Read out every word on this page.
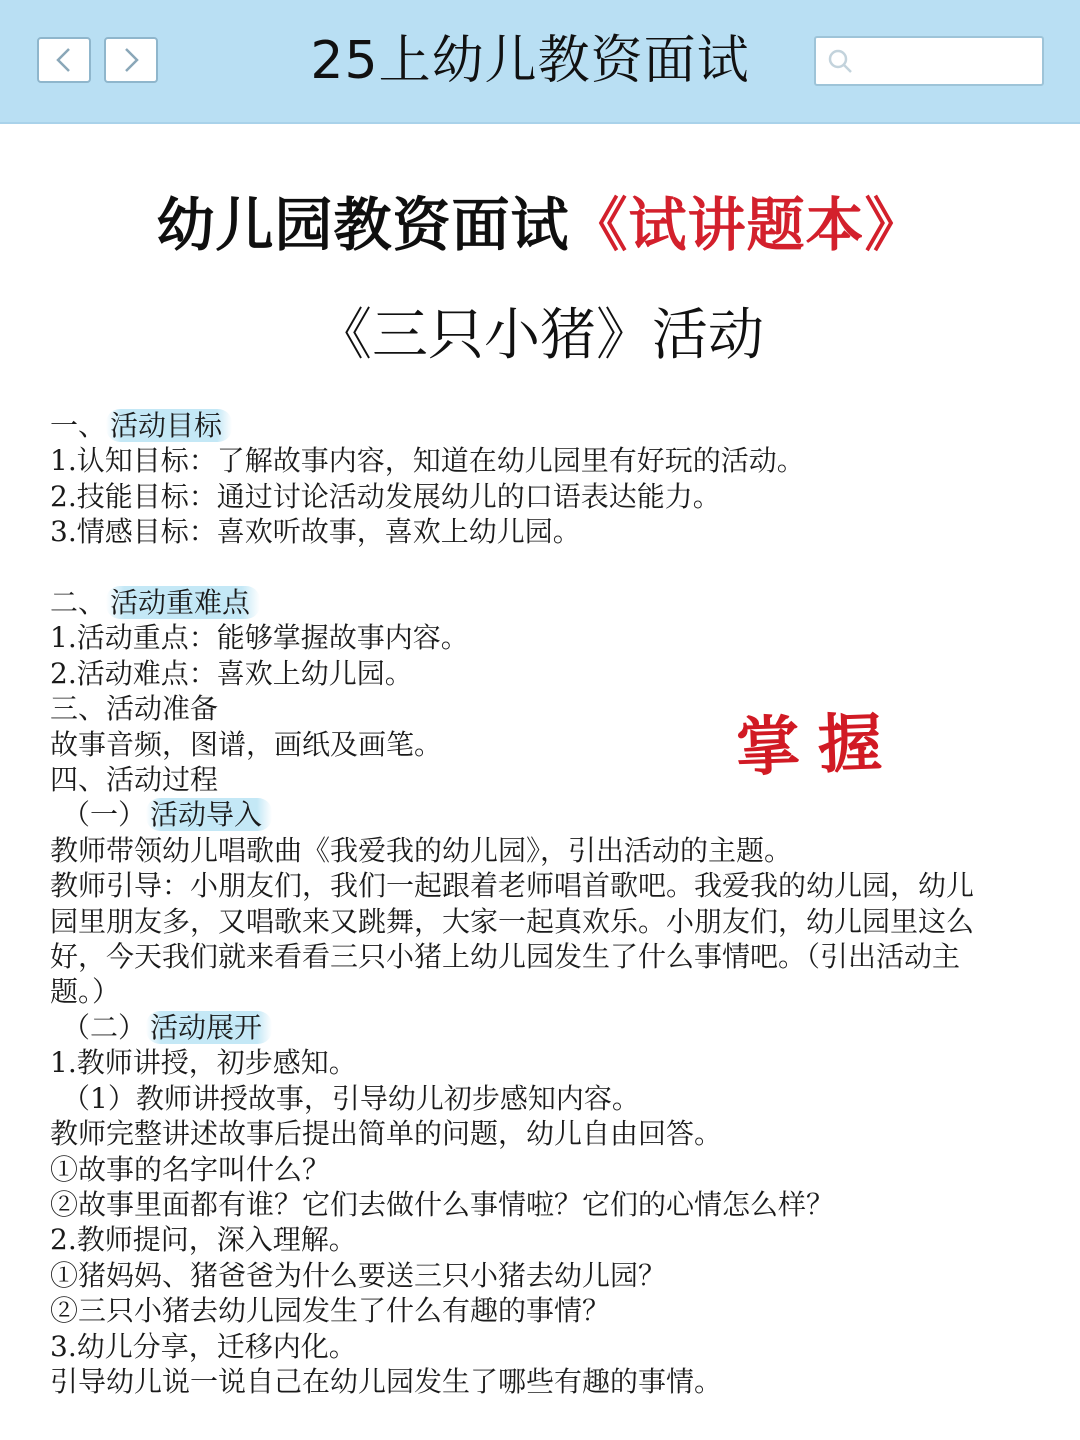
25上幼儿教资面试
幼儿园教资面试《试讲题本》
《三只小猪》活动
掌握
一、 活动目标
1.认知目标：了解故事内容，知道在幼儿园里有好玩的活动。
2.技能目标：通过讨论活动发展幼儿的口语表达能力。
3.情感目标：喜欢听故事，喜欢上幼儿园。
二、 活动重难点
1.活动重点：能够掌握故事内容。
2.活动难点：喜欢上幼儿园。
三、活动准备
故事音频，图谱，画纸及画笔。
四、活动过程
（一） 活动导入
教师带领幼儿唱歌曲《我爱我的幼儿园》，引出活动的主题。
教师引导：小朋友们，我们一起跟着老师唱首歌吧。我爱我的幼儿园，幼儿
园里朋友多，又唱歌来又跳舞，大家一起真欢乐。小朋友们，幼儿园里这么
好，今天我们就来看看三只小猪上幼儿园发生了什么事情吧。（引出活动主
题。）
（二） 活动展开
1.教师讲授，初步感知。
（1）教师讲授故事，引导幼儿初步感知内容。
教师完整讲述故事后提出简单的问题，幼儿自由回答。
①故事的名字叫什么？
②故事里面都有谁？它们去做什么事情啦？它们的心情怎么样？
2.教师提问，深入理解。
①猪妈妈、猪爸爸为什么要送三只小猪去幼儿园？
②三只小猪去幼儿园发生了什么有趣的事情？
3.幼儿分享，迁移内化。
引导幼儿说一说自己在幼儿园发生了哪些有趣的事情。
